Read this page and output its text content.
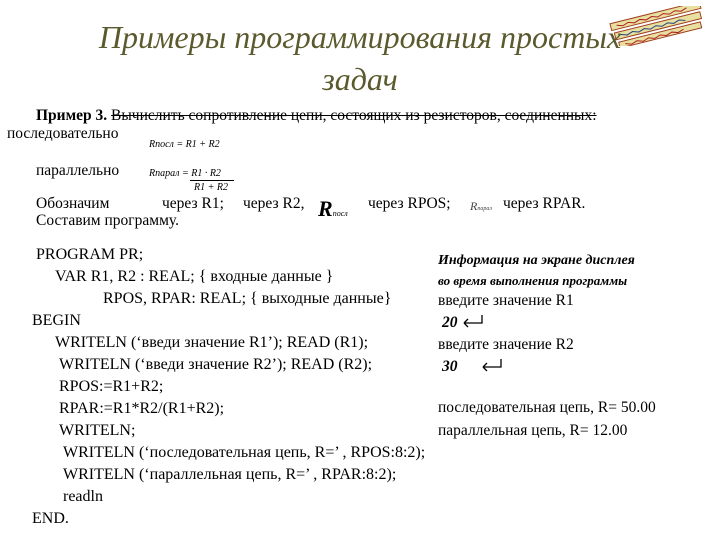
Примеры программирования простых
задач
Пример 3. Вычислить сопротивление цепи, состоящих из резисторов, соединенных:
последовательно
Rпосл = R1 + R2
параллельно	Rпарал = R1 · R2
R1 + R2
Обозначим	через R1; через R2, Rпосл
через RPOS; Rпарал через RPAR.
Составим программу.
PROGRAM PR;
VAR R1, R2 : REAL; { входные данные }
RPOS, RPAR: REAL; { выходные данные}
BEGIN
WRITELN (‘введи значение R1’); READ (R1);
WRITELN (‘введи значение R2’); READ (R2);
RPOS:=R1+R2;
RPAR:=R1*R2/(R1+R2);
WRITELN;
WRITELN (‘последовательная цепь, R=’ , RPOS:8:2);
WRITELN (‘параллельная цепь, R=’ , RPAR:8:2);
readln
END.
Информация на экране дисплея
во время выполнения программы
введите значение R1
20
введите значение R2
30
последовательная цепь, R= 50.00
параллельная цепь, R= 12.00
